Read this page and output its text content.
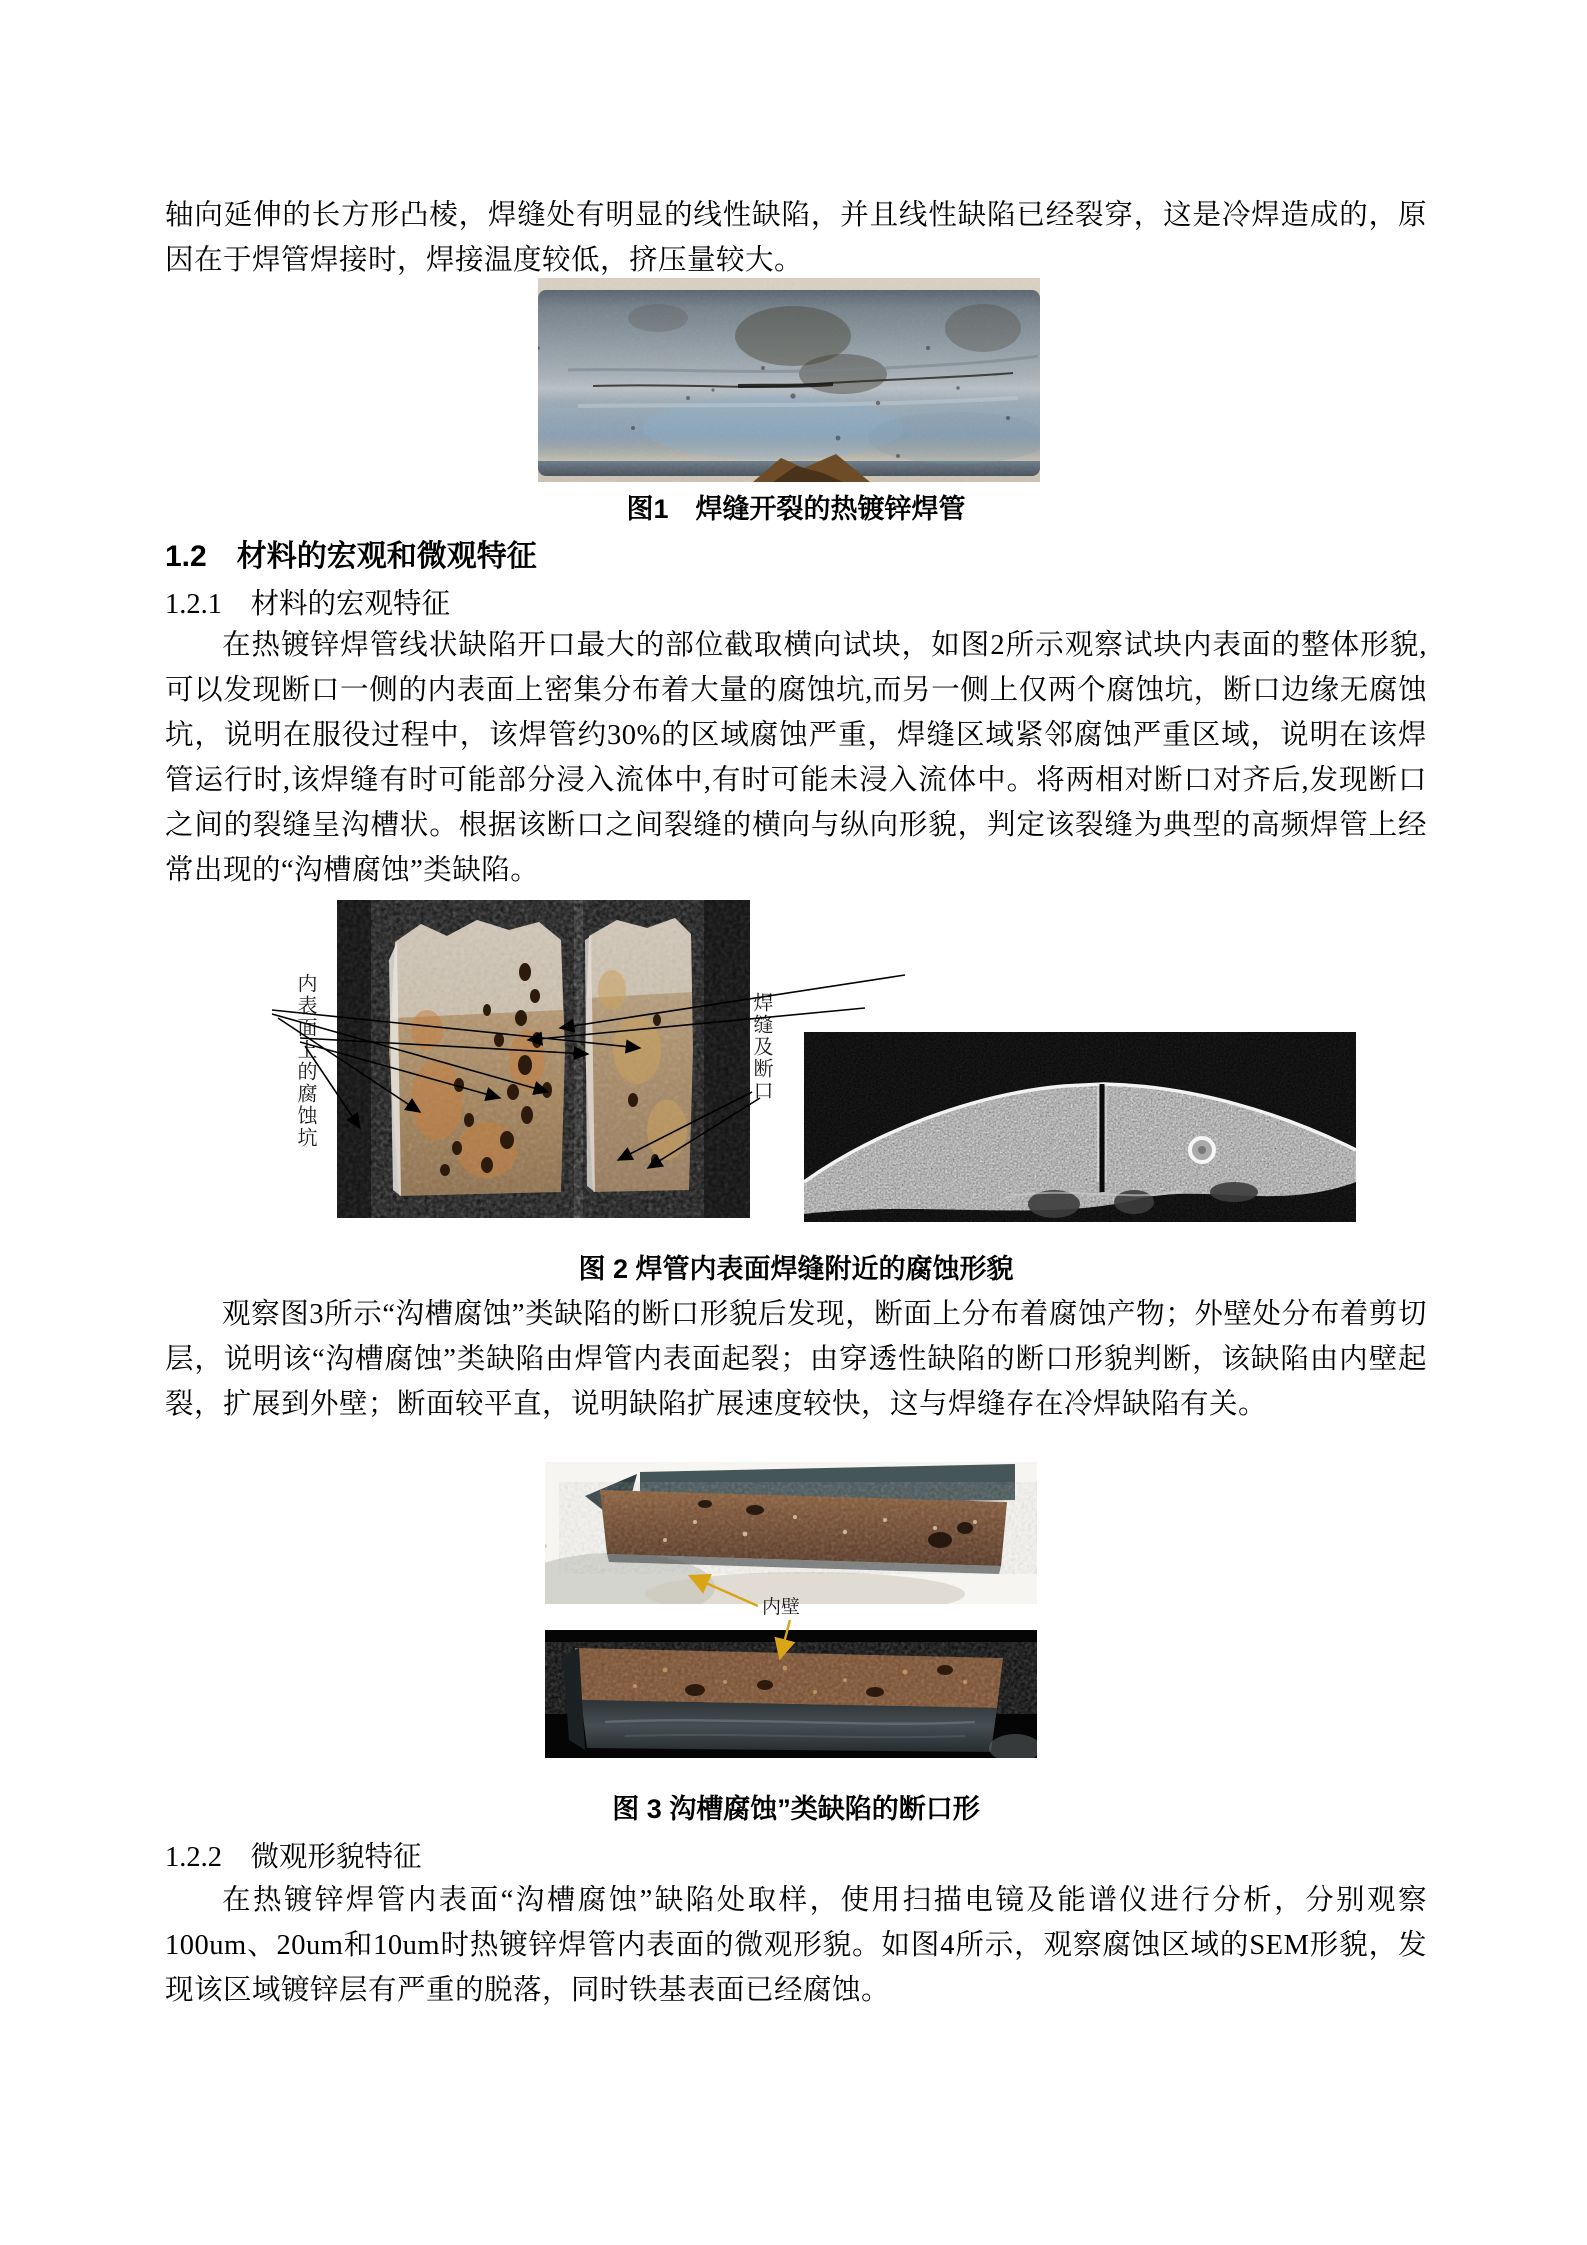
轴向延伸的长方形凸棱，焊缝处有明显的线性缺陷，并且线性缺陷已经裂穿，这是冷焊造成的，原因在于焊管焊接时，焊接温度较低，挤压量较大。
图1　焊缝开裂的热镀锌焊管
1.2　材料的宏观和微观特征
1.2.1　材料的宏观特征
在热镀锌焊管线状缺陷开口最大的部位截取横向试块，如图2所示观察试块内表面的整体形貌,可以发现断口一侧的内表面上密集分布着大量的腐蚀坑,而另一侧上仅两个腐蚀坑，断口边缘无腐蚀坑，说明在服役过程中，该焊管约30%的区域腐蚀严重，焊缝区域紧邻腐蚀严重区域，说明在该焊管运行时,该焊缝有时可能部分浸入流体中,有时可能未浸入流体中。将两相对断口对齐后,发现断口之间的裂缝呈沟槽状。根据该断口之间裂缝的横向与纵向形貌，判定该裂缝为典型的高频焊管上经常出现的“沟槽腐蚀”类缺陷。
内表面上的腐蚀坑	焊缝及断口
图 2 焊管内表面焊缝附近的腐蚀形貌
观察图3所示“沟槽腐蚀”类缺陷的断口形貌后发现，断面上分布着腐蚀产物；外壁处分布着剪切层，说明该“沟槽腐蚀”类缺陷由焊管内表面起裂；由穿透性缺陷的断口形貌判断，该缺陷由内壁起裂，扩展到外壁；断面较平直，说明缺陷扩展速度较快，这与焊缝存在冷焊缺陷有关。
内壁
图 3 沟槽腐蚀”类缺陷的断口形
1.2.2　微观形貌特征
在热镀锌焊管内表面“沟槽腐蚀”缺陷处取样，使用扫描电镜及能谱仪进行分析，分别观察100um、20um和10um时热镀锌焊管内表面的微观形貌。如图4所示，观察腐蚀区域的SEM形貌，发现该区域镀锌层有严重的脱落，同时铁基表面已经腐蚀。
